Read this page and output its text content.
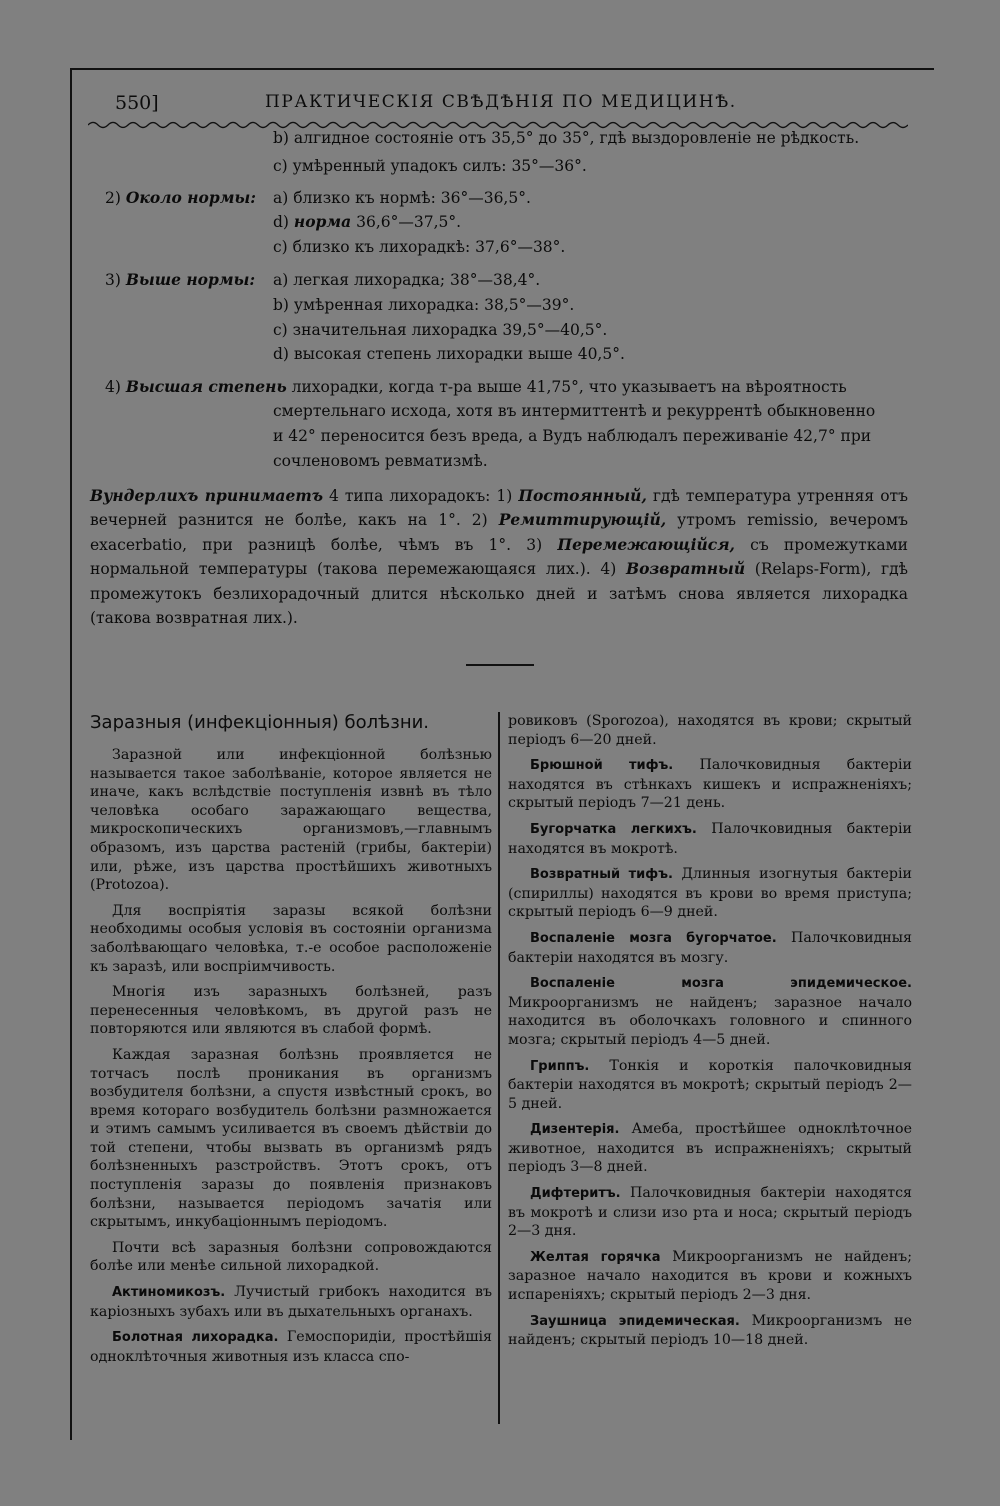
550]	ПРАКТИЧЕСКІЯ СВѢДѢНІЯ ПО МЕДИЦИНѢ.
b) алгидное состояніе отъ 35,5° до 35°, гдѣ выздоровленіе не рѣдкость.
c) умѣренный упадокъ силъ: 35°—36°.
2) Около нормы: a) близко къ нормѣ: 36°—36,5°.
d) норма 36,6°—37,5°.
c) близко къ лихорадкѣ: 37,6°—38°.
3) Выше нормы: a) легкая лихорадка; 38°—38,4°.
b) умѣренная лихорадка: 38,5°—39°.
c) значительная лихорадка 39,5°—40,5°.
d) высокая степень лихорадки выше 40,5°.
4) Высшая степень лихорадки, когда т-ра выше 41,75°, что указываетъ на вѣроятность
смертельнаго исхода, хотя въ интермиттентѣ и рекуррентѣ обыкновенно
и 42° переносится безъ вреда, а Вудъ наблюдалъ переживаніе 42,7° при
сочленовомъ ревматизмѣ.
Вундерлихъ принимаетъ 4 типа лихорадокъ: 1) Постоянный, гдѣ температура утренняя отъ вечерней разнится не болѣе, какъ на 1°. 2) Ремиттирующій, утромъ remissio, вечеромъ exacerbatio, при разницѣ болѣе, чѣмъ въ 1°. 3) Перемежающійся, съ промежутками нормальной температуры (такова перемежающаяся лих.). 4) Возвратный (Relaps-Form), гдѣ промежутокъ безлихорадочный длится нѣсколько дней и затѣмъ снова является лихорадка (такова возвратная лих.).
Заразныя (инфекціонныя) болѣзни.

Заразной или инфекціонной болѣзнью называется такое заболѣваніе, которое является не иначе, какъ вслѣдствіе поступленія извнѣ въ тѣло человѣка особаго заражающаго вещества, микроскопическихъ организмовъ,—главнымъ образомъ, изъ царства растеній (грибы, бактеріи) или, рѣже, изъ царства простѣйшихъ животныхъ (Protozoa).

Для воспріятія заразы всякой болѣзни необходимы особыя условія въ состояніи организма заболѣвающаго человѣка, т.-е особое расположеніе къ заразѣ, или воспріимчивость.

Многія изъ заразныхъ болѣзней, разъ перенесенныя человѣкомъ, въ другой разъ не повторяются или являются въ слабой формѣ.

Каждая заразная болѣзнь проявляется не тотчасъ послѣ проникания въ организмъ возбудителя болѣзни, а спустя извѣстный срокъ, во время котораго возбудитель болѣзни размножается и этимъ самымъ усиливается въ своемъ дѣйствіи до той степени, чтобы вызвать въ организмѣ рядъ болѣзненныхъ разстройствъ. Этотъ срокъ, отъ поступленія заразы до появленія признаковъ болѣзни, называется періодомъ зачатія или скрытымъ, инкубаціоннымъ періодомъ.

Почти всѣ заразныя болѣзни сопровождаются болѣе или менѣе сильной лихорадкой.

Актиномикозъ. Лучистый грибокъ находится въ каріозныхъ зубахъ или въ дыхательныхъ органахъ.

Болотная лихорадка. Гемоспоридіи, простѣйшія одноклѣточныя животныя изъ класса спо-

ровиковъ (Sporozoa), находятся въ крови; скрытый періодъ 6—20 дней.

Брюшной тифъ. Палочковидныя бактеріи находятся въ стѣнкахъ кишекъ и испражненіяхъ; скрытый періодъ 7—21 день.

Бугорчатка легкихъ. Палочковидныя бактеріи находятся въ мокротѣ.

Возвратный тифъ. Длинныя изогнутыя бактеріи (спириллы) находятся въ крови во время приступа; скрытый періодъ 6—9 дней.

Воспаленіе мозга бугорчатое. Палочковидныя бактеріи находятся въ мозгу.

Воспаленіе мозга эпидемическое. Микроорганизмъ не найденъ; заразное начало находится въ оболочкахъ головного и спинного мозга; скрытый періодъ 4—5 дней.

Гриппъ. Тонкія и короткія палочковидныя бактеріи находятся въ мокротѣ; скрытый періодъ 2—5 дней.

Дизентерія. Амеба, простѣйшее одноклѣточное животное, находится въ испражненіяхъ; скрытый періодъ 3—8 дней.

Дифтеритъ. Палочковидныя бактеріи находятся въ мокротѣ и слизи изо рта и носа; скрытый періодъ 2—3 дня.

Желтая горячка Микроорганизмъ не найденъ; заразное начало находится въ крови и кожныхъ испареніяхъ; скрытый періодъ 2—3 дня.

Заушница эпидемическая. Микроорганизмъ не найденъ; скрытый періодъ 10—18 дней.
